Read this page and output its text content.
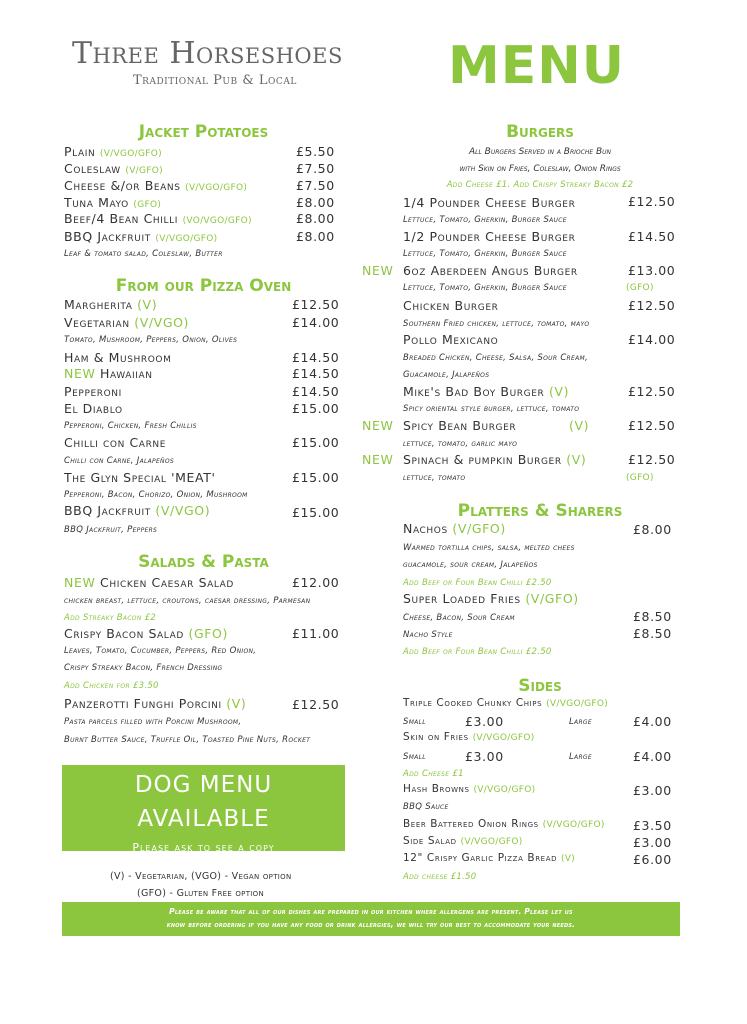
Three Horseshoes
Traditional Pub & Local	MENU
Jacket Potatoes
Plain (V/VGO/GFO)	£5.50
Coleslaw (V/GFO)	£7.50
Cheese &/or Beans (V/VGO/GFO)	£7.50
Tuna Mayo (GFO)	£8.00
Beef/4 Bean Chilli (VO/VGO/GFO)	£8.00
BBQ Jackfruit (V/VGO/GFO)	£8.00
Leaf & tomato salad, Coleslaw, Butter
From our Pizza Oven
Margherita (V)	£12.50
Vegetarian (V/VGO)	£14.00
Tomato, Mushroom, Peppers, Onion, Olives
Ham & Mushroom	£14.50
NEW Hawaiian	£14.50
Pepperoni	£14.50
El Diablo	£15.00
Pepperoni, Chicken, Fresh Chillis
Chilli con Carne	£15.00
Chilli con Carne, Jalapeños
The Glyn Special 'MEAT'	£15.00
Pepperoni, Bacon, Chorizo, Onion, Mushroom
BBQ Jackfruit (V/VGO)	£15.00
BBQ Jackfruit, Peppers
Salads & Pasta
NEW Chicken Caesar Salad	£12.00
chicken breast, lettuce, croutons, caesar dressing, Parmesan
Add Streaky Bacon £2
Crispy Bacon Salad (GFO)	£11.00
Leaves, Tomato, Cucumber, Peppers, Red Onion,
Crispy Streaky Bacon, French Dressing
Add Chicken for £3.50
Panzerotti Funghi Porcini (V)	£12.50
Pasta parcels filled with Porcini Mushroom,
Burnt Butter Sauce, Truffle Oil, Toasted Pine Nuts, Rocket
DOG MENU
AVAILABLE
Please ask to see a copy
(V) - Vegetarian, (VGO) - Vegan option
(GFO) - Gluten Free option
Burgers
All Burgers Served in a Brioche Bun
with Skin on Fries, Coleslaw, Onion Rings
Add Cheese £1. Add Crispy Streaky Bacon £2
1/4 Pounder Cheese Burger	£12.50
Lettuce, Tomato, Gherkin, Burger Sauce
1/2 Pounder Cheese Burger	£14.50
Lettuce, Tomato, Gherkin, Burger Sauce
NEW 6oz Aberdeen Angus Burger	£13.00
Lettuce, Tomato, Gherkin, Burger Sauce	(GFO)
Chicken Burger	£12.50
Southern Fried chicken, lettuce, tomato, mayo
Pollo Mexicano	£14.00
Breaded Chicken, Cheese, Salsa, Sour Cream,
Guacamole, Jalapeños
Mike's Bad Boy Burger (V)	£12.50
Spicy oriental style burger, lettuce, tomato
NEW Spicy Bean Burger	(V)	£12.50
lettuce, tomato, garlic mayo
NEW Spinach & pumpkin Burger (V)	£12.50
lettuce, tomato	(GFO)
Platters & Sharers
Nachos (V/GFO)	£8.00
Warmed tortilla chips, salsa, melted chees
guacamole, sour cream, Jalapeños
Add Beef or Four Bean Chilli £2.50
Super Loaded Fries (V/GFO)
Cheese, Bacon, Sour Cream	£8.50
Nacho Style	£8.50
Add Beef or Four Bean Chilli £2.50
Sides
Triple Cooked Chunky Chips (V/VGO/GFO)
Small	£3.00	Large	£4.00
Skin on Fries (V/VGO/GFO)
Small	£3.00	Large	£4.00
Add Cheese £1
Hash Browns (V/VGO/GFO)	£3.00
BBQ Sauce
Beer Battered Onion Rings (V/VGO/GFO) £3.50
Side Salad (V/VGO/GFO)	£3.00
12" Crispy Garlic Pizza Bread (V)	£6.00
Add cheese £1.50
Please be aware that all of our dishes are prepared in our kitchen where allergens are present. Please let us
know before ordering if you have any food or drink allergies, we will try our best to accommodate your needs.
